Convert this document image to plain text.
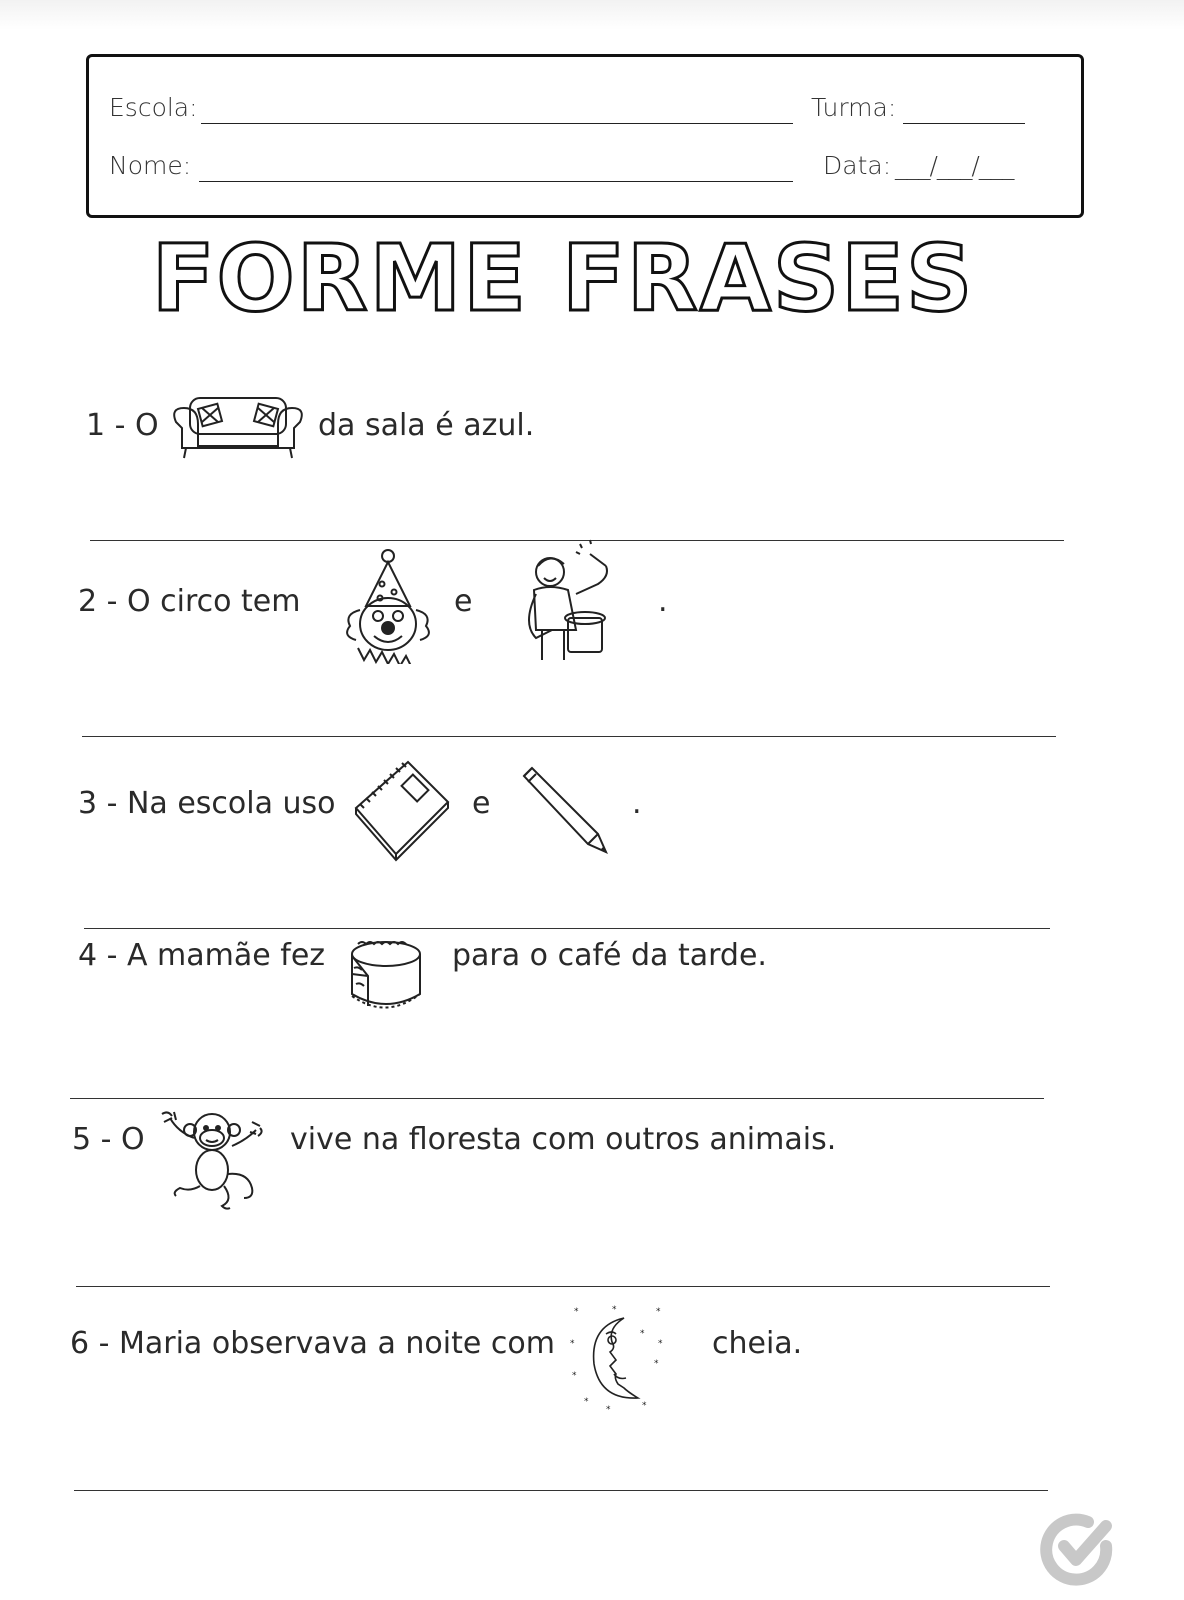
Escola:	Turma:
Nome:	Data: ___/___/___
FORME FRASES
1 - O	da sala é azul.
2 - O circo tem	e	.
3 - Na escola uso	e	.
4 - A mamãe fez	para o café da tarde.
5 - O	vive na floresta com outros animais.
6 - Maria observava a noite com
*	*	*
*	*
*
*
*
*	*
*
cheia.
